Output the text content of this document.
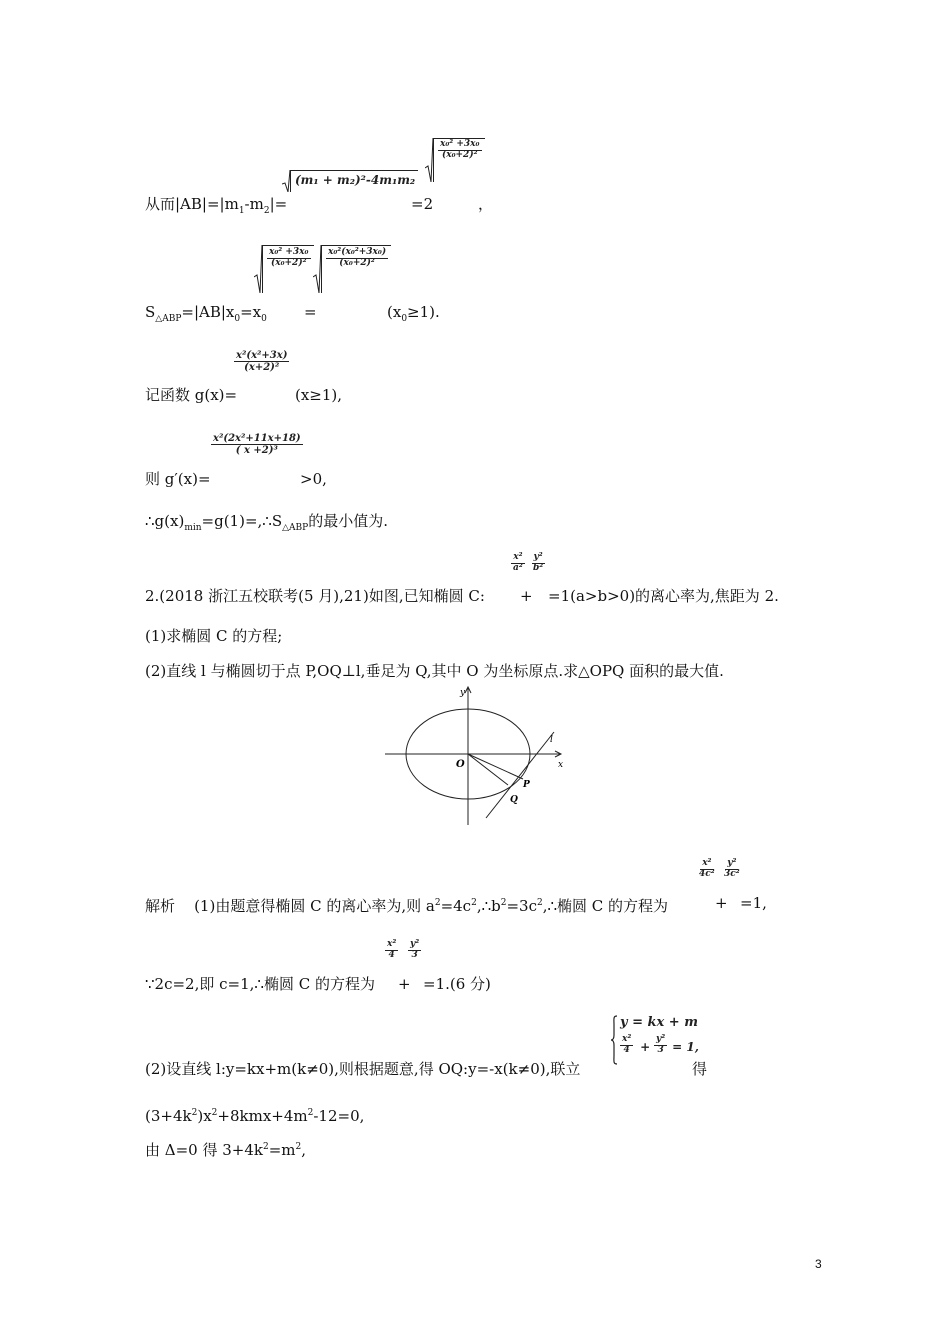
(m₁ + m₂)²-4m₁m₂
x₀² +3x₀
(x₀+2)²
从而$|AB|=|m_1-m_2|=$	=2	，
x₀² +3x₀
(x₀+2)²
x₀²(x₀²+3x₀)
(x₀+2)²
$S_{\triangle ABP}=|AB|x_0=x_0$ =	$(x_0\ge 1)$.
$\frac{\text{x²(x²+3x)}}{\text{(x+2)²}}$
记函数 g(x)=	(x≥1),
$\frac{\text{x²(2x²+11x+18)}}{\text{( x +2)³}}$
则 g′(x)=	>0,
$\therefore g(x)_{min}=g(1)=,\therefore S_{\triangle ABP}$的最小值为.
$\frac{\text{x²}}{\text{a²}} \frac{\text{y²}}{\text{b²}}$
2.(2018 浙江五校联考(5 月),21)如图,已知椭圆 C: + =1(a>b>0)的离心率为,焦距为 2.
(1)求椭圆 C 的方程;
(2)直线 l 与椭圆切于点 P,OQ⊥l,垂足为 Q,其中 O 为坐标原点.求△OPQ 面积的最大值.
y
x
O
P
Q
l
$\frac{\text{x²}}{\text{4c²}} \frac{\text{y²}}{\text{3c²}}$
解析    (1)由题意得椭圆 C 的离心率为,则 $a^2=4c^2,\therefore b^2=3c^2,\therefore$椭圆 C 的方程为	+ =1,
$\frac{\text{x²}}{4} \frac{\text{y²}}{3}$
∵2c=2,即 c=1,∴椭圆 C 的方程为 + =1.(6 分)
y = kx + m
$\frac{\text{x²}}{4} + \frac{\text{y²}}{3} = 1$,
(2)设直线 l:y=kx+m(k≠0),则根据题意,得 OQ:y=-x(k≠0),联立	得
$(3+4k^2)x^2+8kmx+4m^2-12=0$,
由 Δ=0 得 $3+4k^2=m^2$,
3
